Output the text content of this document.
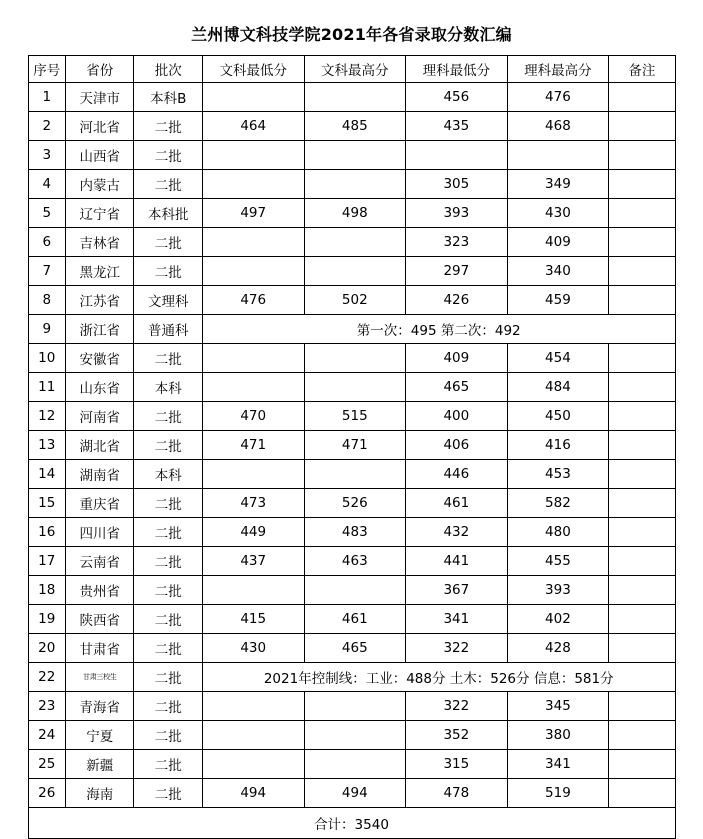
兰州博文科技学院2021年各省录取分数汇编
序号	省份	批次	文科最低分	文科最高分	理科最低分	理科最高分	备注
1	天津市	本科B			456	476	
2	河北省	二批	464	485	435	468	
3	山西省	二批					
4	内蒙古	二批			305	349	
5	辽宁省	本科批	497	498	393	430	
6	吉林省	二批			323	409	
7	黑龙江	二批			297	340	
8	江苏省	文理科	476	502	426	459	
9	浙江省	普通科	第一次：495 第二次：492				
10	安徽省	二批			409	454	
11	山东省	本科			465	484	
12	河南省	二批	470	515	400	450	
13	湖北省	二批	471	471	406	416	
14	湖南省	本科			446	453	
15	重庆省	二批	473	526	461	582	
16	四川省	二批	449	483	432	480	
17	云南省	二批	437	463	441	455	
18	贵州省	二批			367	393	
19	陕西省	二批	415	461	341	402	
20	甘肃省	二批	430	465	322	428	
22	甘肃三校生	二批	2021年控制线：工业：488分 土木：526分 信息：581分				
23	青海省	二批			322	345	
24	宁夏	二批			352	380	
25	新疆	二批			315	341	
26	海南	二批	494	494	478	519	
合计：3540							
